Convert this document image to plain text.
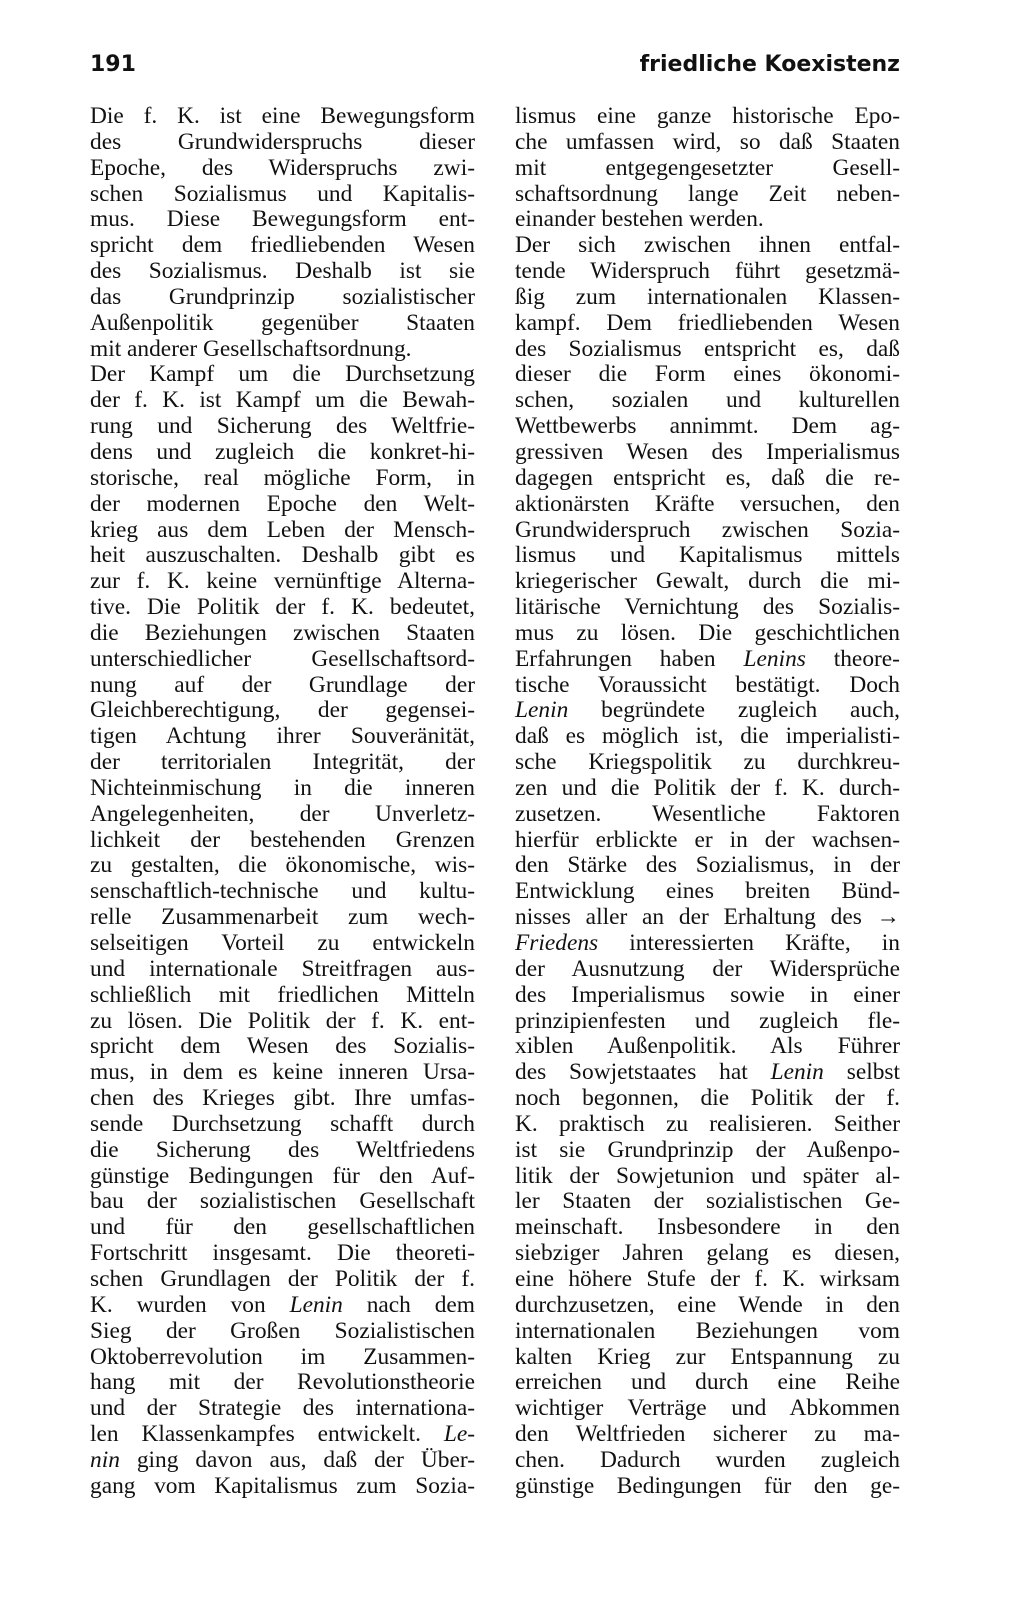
191	friedliche Koexistenz
Die f. K. ist eine Bewegungsform
des Grundwiderspruchs dieser
Epoche, des Widerspruchs zwi-
schen Sozialismus und Kapitalis-
mus. Diese Bewegungsform ent-
spricht dem friedliebenden Wesen
des Sozialismus. Deshalb ist sie
das Grundprinzip sozialistischer
Außenpolitik gegenüber Staaten
mit anderer Gesellschaftsordnung.
Der Kampf um die Durchsetzung
der f. K. ist Kampf um die Bewah-
rung und Sicherung des Weltfrie-
dens und zugleich die konkret-hi-
storische, real mögliche Form, in
der modernen Epoche den Welt-
krieg aus dem Leben der Mensch-
heit auszuschalten. Deshalb gibt es
zur f. K. keine vernünftige Alterna-
tive. Die Politik der f. K. bedeutet,
die Beziehungen zwischen Staaten
unterschiedlicher Gesellschaftsord-
nung auf der Grundlage der
Gleichberechtigung, der gegensei-
tigen Achtung ihrer Souveränität,
der territorialen Integrität, der
Nichteinmischung in die inneren
Angelegenheiten, der Unverletz-
lichkeit der bestehenden Grenzen
zu gestalten, die ökonomische, wis-
senschaftlich-technische und kultu-
relle Zusammenarbeit zum wech-
selseitigen Vorteil zu entwickeln
und internationale Streitfragen aus-
schließlich mit friedlichen Mitteln
zu lösen. Die Politik der f. K. ent-
spricht dem Wesen des Sozialis-
mus, in dem es keine inneren Ursa-
chen des Krieges gibt. Ihre umfas-
sende Durchsetzung schafft durch
die Sicherung des Weltfriedens
günstige Bedingungen für den Auf-
bau der sozialistischen Gesellschaft
und für den gesellschaftlichen
Fortschritt insgesamt. Die theoreti-
schen Grundlagen der Politik der f.
K. wurden von Lenin nach dem
Sieg der Großen Sozialistischen
Oktoberrevolution im Zusammen-
hang mit der Revolutionstheorie
und der Strategie des internationa-
len Klassenkampfes entwickelt. Le-
nin ging davon aus, daß der Über-
gang vom Kapitalismus zum Sozia-
lismus eine ganze historische Epo-
che umfassen wird, so daß Staaten
mit entgegengesetzter Gesell-
schaftsordnung lange Zeit neben-
einander bestehen werden.
Der sich zwischen ihnen entfal-
tende Widerspruch führt gesetzmä-
ßig zum internationalen Klassen-
kampf. Dem friedliebenden Wesen
des Sozialismus entspricht es, daß
dieser die Form eines ökonomi-
schen, sozialen und kulturellen
Wettbewerbs annimmt. Dem ag-
gressiven Wesen des Imperialismus
dagegen entspricht es, daß die re-
aktionärsten Kräfte versuchen, den
Grundwiderspruch zwischen Sozia-
lismus und Kapitalismus mittels
kriegerischer Gewalt, durch die mi-
litärische Vernichtung des Sozialis-
mus zu lösen. Die geschichtlichen
Erfahrungen haben Lenins theore-
tische Voraussicht bestätigt. Doch
Lenin begründete zugleich auch,
daß es möglich ist, die imperialisti-
sche Kriegspolitik zu durchkreu-
zen und die Politik der f. K. durch-
zusetzen. Wesentliche Faktoren
hierfür erblickte er in der wachsen-
den Stärke des Sozialismus, in der
Entwicklung eines breiten Bünd-
nisses aller an der Erhaltung des →
Friedens interessierten Kräfte, in
der Ausnutzung der Widersprüche
des Imperialismus sowie in einer
prinzipienfesten und zugleich fle-
xiblen Außenpolitik. Als Führer
des Sowjetstaates hat Lenin selbst
noch begonnen, die Politik der f.
K. praktisch zu realisieren. Seither
ist sie Grundprinzip der Außenpo-
litik der Sowjetunion und später al-
ler Staaten der sozialistischen Ge-
meinschaft. Insbesondere in den
siebziger Jahren gelang es diesen,
eine höhere Stufe der f. K. wirksam
durchzusetzen, eine Wende in den
internationalen Beziehungen vom
kalten Krieg zur Entspannung zu
erreichen und durch eine Reihe
wichtiger Verträge und Abkommen
den Weltfrieden sicherer zu ma-
chen. Dadurch wurden zugleich
günstige Bedingungen für den ge-
